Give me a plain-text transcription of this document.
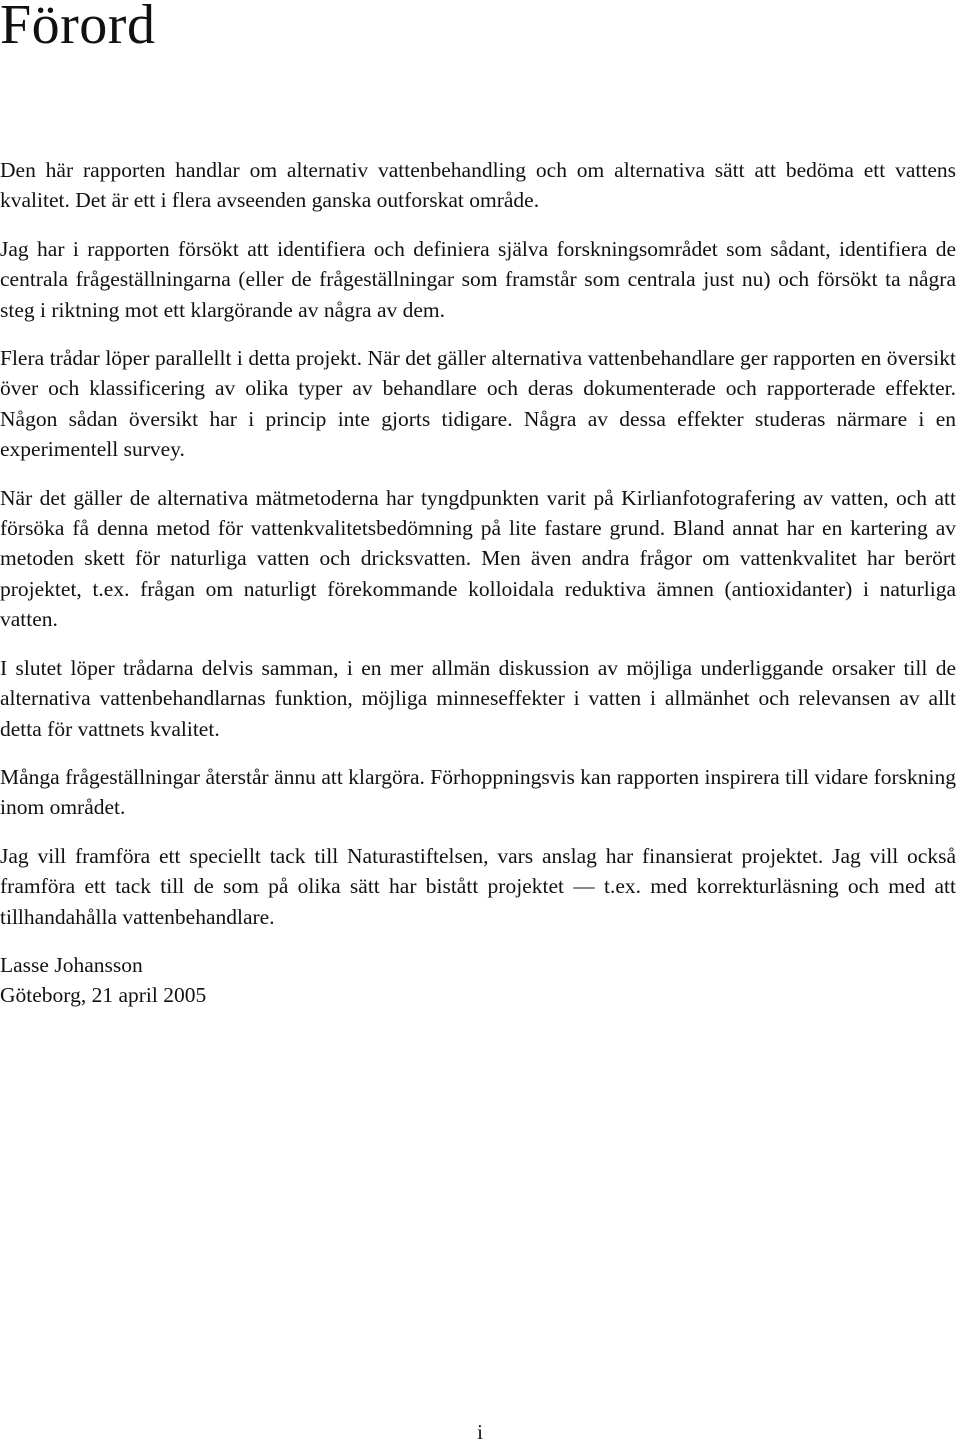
Förord

Den här rapporten handlar om alternativ vattenbehandling och om alternativa sätt att bedöma ett vattens kvalitet. Det är ett i flera avseenden ganska outforskat område.

Jag har i rapporten försökt att identifiera och definiera själva forskningsområdet som sådant, identifiera de centrala frågeställningarna (eller de frågeställningar som framstår som centrala just nu) och försökt ta några steg i riktning mot ett klargörande av några av dem.

Flera trådar löper parallellt i detta projekt. När det gäller alternativa vattenbehandlare ger rapporten en översikt över och klassificering av olika typer av behandlare och deras dokumenterade och rapporterade effekter. Någon sådan översikt har i princip inte gjorts tidigare. Några av dessa effekter studeras närmare i en experimentell survey.

När det gäller de alternativa mätmetoderna har tyngdpunkten varit på Kirlianfotografering av vatten, och att försöka få denna metod för vattenkvalitetsbedömning på lite fastare grund. Bland annat har en kartering av metoden skett för naturliga vatten och dricksvatten. Men även andra frågor om vattenkvalitet har berört projektet, t.ex. frågan om naturligt förekommande kolloidala reduktiva ämnen (antioxidanter) i naturliga vatten.

I slutet löper trådarna delvis samman, i en mer allmän diskussion av möjliga underliggande orsaker till de alternativa vattenbehandlarnas funktion, möjliga minneseffekter i vatten i allmänhet och relevansen av allt detta för vattnets kvalitet.

Många frågeställningar återstår ännu att klargöra. Förhoppningsvis kan rapporten inspirera till vidare forskning inom området.

Jag vill framföra ett speciellt tack till Naturastiftelsen, vars anslag har finansierat projektet. Jag vill också framföra ett tack till de som på olika sätt har bistått projektet — t.ex. med korrekturläsning och med att tillhandahålla vattenbehandlare.

Lasse Johansson
Göteborg, 21 april 2005
i
